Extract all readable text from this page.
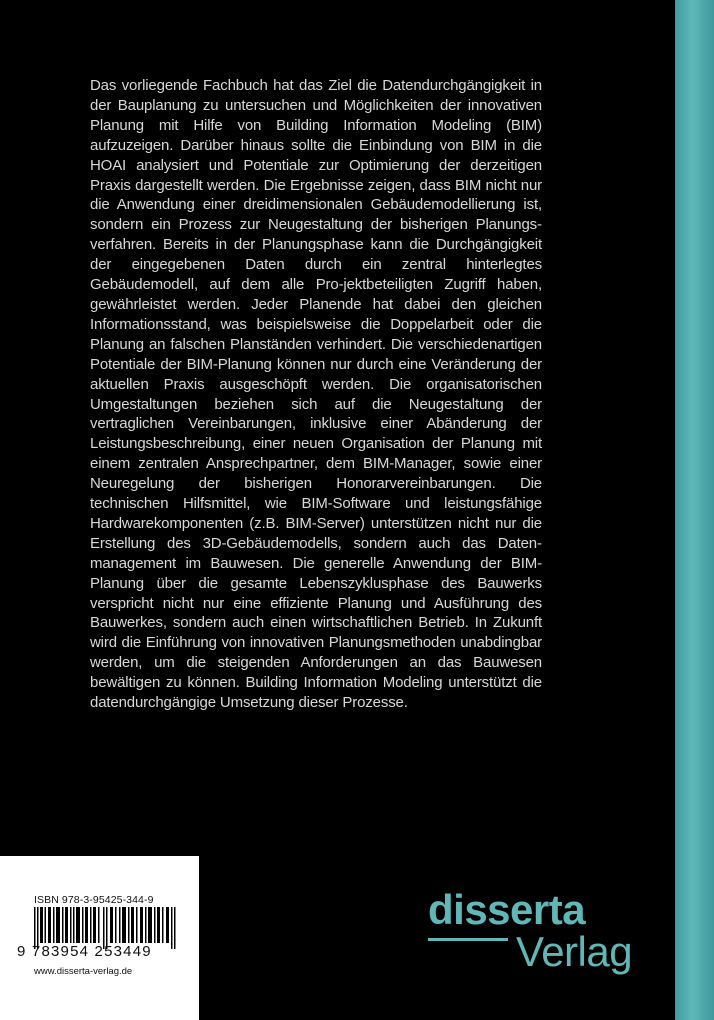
Das vorliegende Fachbuch hat das Ziel die Datendurchgängigkeit in der Bauplanung zu untersuchen und Möglichkeiten der innovativen Planung mit Hilfe von Building Information Modeling (BIM) aufzuzeigen. Darüber hinaus sollte die Einbindung von BIM in die HOAI analysiert und Potentiale zur Optimierung der derzeitigen Praxis dargestellt werden. Die Ergebnisse zeigen, dass BIM nicht nur die Anwendung einer dreidimensionalen Gebäudemodellierung ist, sondern ein Prozess zur Neugestaltung der bisherigen Planungsverfahren. Bereits in der Planungsphase kann die Durchgängigkeit der eingegebenen Daten durch ein zentral hinterlegtes Gebäudemodell, auf dem alle Pro-jektbeteiligten Zugriff haben, gewährleistet werden. Jeder Planende hat dabei den gleichen Informationsstand, was beispielsweise die Doppelarbeit oder die Planung an falschen Planständen verhindert. Die verschiedenartigen Potentiale der BIM-Planung können nur durch eine Veränderung der aktuellen Praxis ausgeschöpft werden. Die organisatorischen Umgestaltungen beziehen sich auf die Neugestaltung der vertraglichen Vereinbarungen, inklusive einer Abänderung der Leistungsbeschreibung, einer neuen Organisation der Planung mit einem zentralen Ansprechpartner, dem BIM-Manager, sowie einer Neuregelung der bisherigen Honorarvereinbarungen. Die technischen Hilfsmittel, wie BIM-Software und leistungsfähige Hardwarekomponenten (z.B. BIM-Server) unterstützen nicht nur die Erstellung des 3D-Gebäudemodells, sondern auch das Datenmanagement im Bauwesen. Die generelle Anwendung der BIM-Planung über die gesamte Lebenszyklusphase des Bauwerks verspricht nicht nur eine effiziente Planung und Ausführung des Bauwerkes, sondern auch einen wirtschaftlichen Betrieb. In Zukunft wird die Einführung von innovativen Planungsmethoden unabdingbar werden, um die steigenden Anforderungen an das Bauwesen bewältigen zu können. Building Information Modeling unterstützt die datendurchgängige Umsetzung dieser Prozesse.
ISBN 978-3-95425-344-9
9 783954 253449
www.disserta-verlag.de
disserta
Verlag
